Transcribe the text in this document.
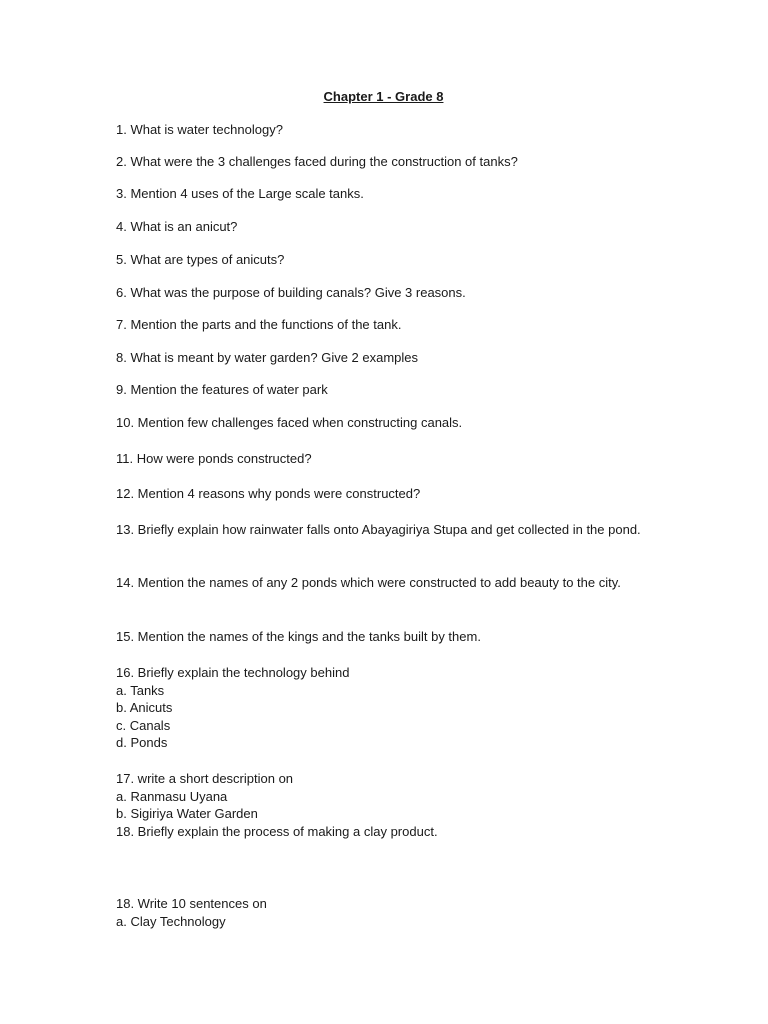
Chapter 1 - Grade 8

1. What is water technology?

2. What were the 3 challenges faced during the construction of tanks?

3. Mention 4 uses of the Large scale tanks.

4. What is an anicut?

5. What are types of anicuts?

6. What was the purpose of building canals? Give 3 reasons.

7. Mention the parts and the functions of the tank.

8. What is meant by water garden? Give 2 examples

9. Mention the features of water park

10. Mention few challenges faced when constructing canals.

11. How were ponds constructed?

12. Mention 4 reasons why ponds were constructed?

13. Briefly explain how rainwater falls onto Abayagiriya Stupa and get collected in the pond.

14. Mention the names of any 2 ponds which were constructed to add beauty to the city.

15. Mention the names of the kings and the tanks built by them.

16. Briefly explain the technology behind
a. Tanks
b. Anicuts
c. Canals
d. Ponds
17. write a short description on
a. Ranmasu Uyana
b. Sigiriya Water Garden
18. Briefly explain the process of making a clay product.
18. Write 10 sentences on
a. Clay Technology
